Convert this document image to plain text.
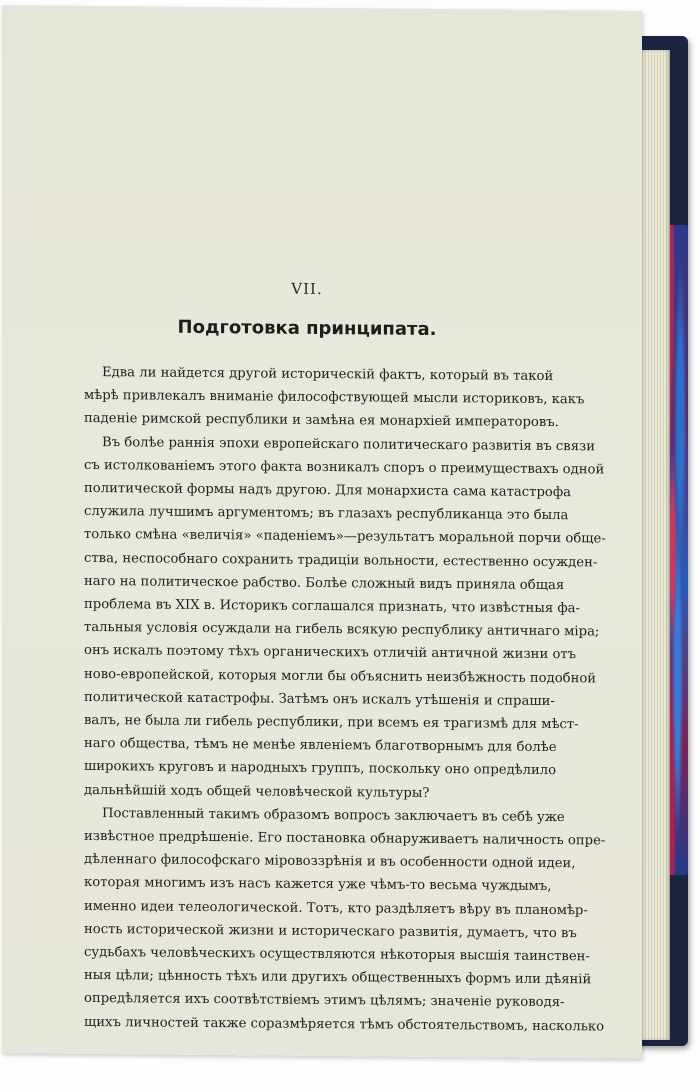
VII.
Подготовка принципата.
Едва ли найдется другой историческій фактъ, который въ такой
мѣрѣ привлекалъ вниманіе философствующей мысли историковъ, какъ
паденіе римской республики и замѣна ея монархіей императоровъ.
Въ болѣе раннія эпохи европейскаго политическаго развитія въ связи
съ истолкованіемъ этого факта возникалъ споръ о преимуществахъ одной
политической формы надъ другою. Для монархиста сама катастрофа
служила лучшимъ аргументомъ; въ глазахъ республиканца это была
только смѣна «величія» «паденіемъ»—результатъ моральной порчи обще-
ства, неспособнаго сохранить традиціи вольности, естественно осужден-
наго на политическое рабство. Болѣе сложный видъ приняла общая
проблема въ XIX в. Историкъ соглашался признать, что извѣстныя фа-
тальныя условія осуждали на гибель всякую республику античнаго міра;
онъ искалъ поэтому тѣхъ органическихъ отличій античной жизни отъ
ново-европейской, которыя могли бы объяснить неизбѣжность подобной
политической катастрофы. Затѣмъ онъ искалъ утѣшенія и спраши-
валъ, не была ли гибель республики, при всемъ ея трагизмѣ для мѣст-
наго общества, тѣмъ не менѣе явленіемъ благотворнымъ для болѣе
широкихъ круговъ и народныхъ группъ, поскольку оно опредѣлило
дальнѣйшій ходъ общей человѣческой культуры?
Поставленный такимъ образомъ вопросъ заключаетъ въ себѣ уже
извѣстное предрѣшеніе. Его постановка обнаруживаетъ наличность опре-
дѣленнаго философскаго міровоззрѣнія и въ особенности одной идеи,
которая многимъ изъ насъ кажется уже чѣмъ-то весьма чуждымъ,
именно идеи телеологической. Тотъ, кто раздѣляетъ вѣру въ планомѣр-
ность исторической жизни и историческаго развитія, думаетъ, что въ
судьбахъ человѣческихъ осуществляются нѣкоторыя высшія таинствен-
ныя цѣли; цѣнность тѣхъ или другихъ общественныхъ формъ или дѣяній
опредѣляется ихъ соотвѣтствіемъ этимъ цѣлямъ; значеніе руководя-
щихъ личностей также соразмѣряется тѣмъ обстоятельствомъ, насколько
